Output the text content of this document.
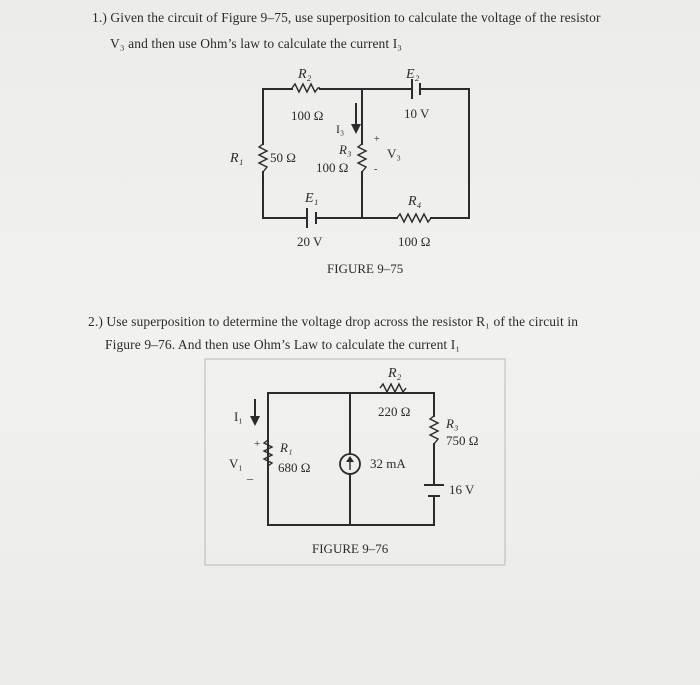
1.) Given the circuit of Figure 9–75, use superposition to calculate the voltage of the resistor
V₃ and then use Ohm’s law to calculate the current I₃
R₂
100 Ω
E₂
10 V
I₃
R₁ 50 Ω
R₃
100 Ω
+
V₃
-
E₁
20 V
R₄
100 Ω
FIGURE 9–75
2.) Use superposition to determine the voltage drop across the resistor R₁ of the circuit in
Figure 9–76. And then use Ohm’s Law to calculate the current I₁
I₁
+
V₁
_
R₁
680 Ω
R₂
220 Ω
32 mA
R₃
750 Ω
16 V
FIGURE 9–76
